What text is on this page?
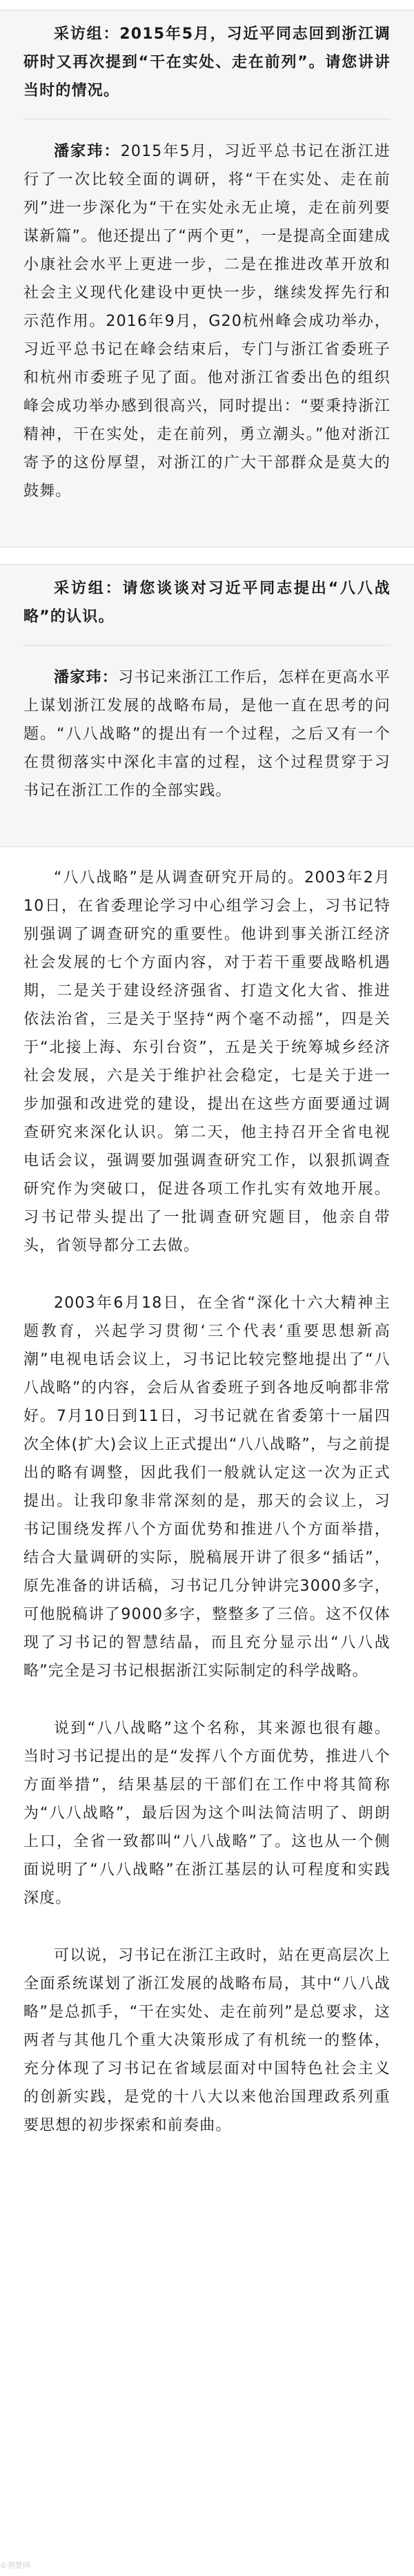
采访组：2015年5月，习近平同志回到浙江调研时又再次提到“干在实处、走在前列”。请您讲讲当时的情况。

潘家玮：2015年5月，习近平总书记在浙江进行了一次比较全面的调研，将“干在实处、走在前列”进一步深化为“干在实处永无止境，走在前列要谋新篇”。他还提出了“两个更”，一是提高全面建成小康社会水平上更进一步，二是在推进改革开放和社会主义现代化建设中更快一步，继续发挥先行和示范作用。2016年9月，G20杭州峰会成功举办，习近平总书记在峰会结束后，专门与浙江省委班子和杭州市委班子见了面。他对浙江省委出色的组织峰会成功举办感到很高兴，同时提出：“要秉持浙江精神，干在实处，走在前列，勇立潮头。”他对浙江寄予的这份厚望，对浙江的广大干部群众是莫大的鼓舞。

采访组：请您谈谈对习近平同志提出“八八战略”的认识。

潘家玮：习书记来浙江工作后，怎样在更高水平上谋划浙江发展的战略布局，是他一直在思考的问题。“八八战略”的提出有一个过程，之后又有一个在贯彻落实中深化丰富的过程，这个过程贯穿于习书记在浙江工作的全部实践。

“八八战略”是从调查研究开局的。2003年2月10日，在省委理论学习中心组学习会上，习书记特别强调了调查研究的重要性。他讲到事关浙江经济社会发展的七个方面内容，对于若干重要战略机遇期，二是关于建设经济强省、打造文化大省、推进依法治省，三是关于坚持“两个毫不动摇”，四是关于“北接上海、东引台资”，五是关于统筹城乡经济社会发展，六是关于维护社会稳定，七是关于进一步加强和改进党的建设，提出在这些方面要通过调查研究来深化认识。第二天，他主持召开全省电视电话会议，强调要加强调查研究工作，以狠抓调查研究作为突破口，促进各项工作扎实有效地开展。习书记带头提出了一批调查研究题目，他亲自带头，省领导都分工去做。

2003年6月18日，在全省“深化十六大精神主题教育，兴起学习贯彻‘三个代表’重要思想新高潮”电视电话会议上，习书记比较完整地提出了“八八战略”的内容，会后从省委班子到各地反响都非常好。7月10日到11日，习书记就在省委第十一届四次全体(扩大)会议上正式提出“八八战略”，与之前提出的略有调整，因此我们一般就认定这一次为正式提出。让我印象非常深刻的是，那天的会议上，习书记围绕发挥八个方面优势和推进八个方面举措，结合大量调研的实际，脱稿展开讲了很多“插话”，原先准备的讲话稿，习书记几分钟讲完3000多字，可他脱稿讲了9000多字，整整多了三倍。这不仅体现了习书记的智慧结晶，而且充分显示出“八八战略”完全是习书记根据浙江实际制定的科学战略。

说到“八八战略”这个名称，其来源也很有趣。当时习书记提出的是“发挥八个方面优势，推进八个方面举措”，结果基层的干部们在工作中将其简称为“八八战略”，最后因为这个叫法简洁明了、朗朗上口，全省一致都叫“八八战略”了。这也从一个侧面说明了“八八战略”在浙江基层的认可程度和实践深度。

可以说，习书记在浙江主政时，站在更高层次上全面系统谋划了浙江发展的战略布局，其中“八八战略”是总抓手，“干在实处、走在前列”是总要求，这两者与其他几个重大决策形成了有机统一的整体，充分体现了习书记在省域层面对中国特色社会主义的创新实践，是党的十八大以来他治国理政系列重要思想的初步探索和前奏曲。

©荆楚网
